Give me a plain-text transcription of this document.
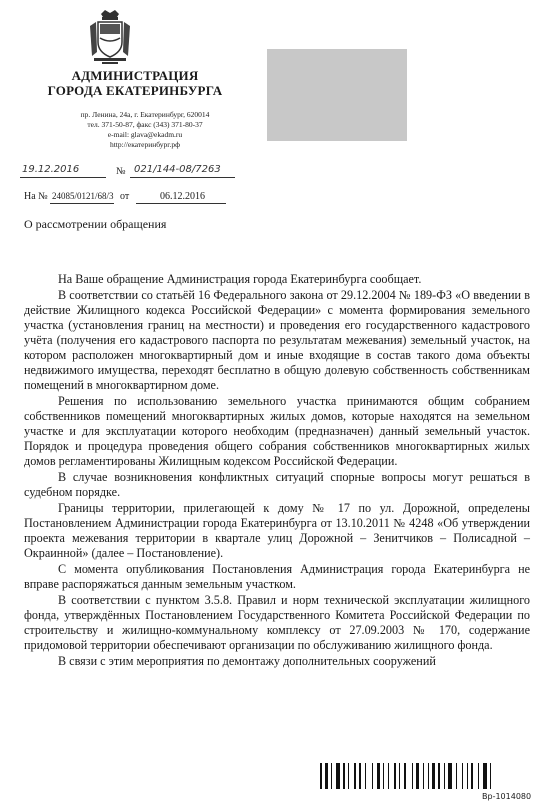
АДМИНИСТРАЦИЯ
ГОРОДА ЕКАТЕРИНБУРГА
пр. Ленина, 24а, г. Екатеринбург, 620014
тел. 371-50-87, факс (343) 371-80-37
e-mail: glavа@ekadm.ru
http://екатеринбург.рф
19.12.2016	№ 021/144-08/7263
На № 24085/0121/68/3 от	06.12.2016
О рассмотрении обращения

На Ваше обращение Администрация города Екатеринбурга сообщает.

В соответствии со статьёй 16 Федерального закона от 29.12.2004 № 189-ФЗ «О введении в действие Жилищного кодекса Российской Федерации» с момента формирования земельного участка (установления границ на местности) и проведения его государственного кадастрового учёта (получения его кадастрового паспорта по результатам межевания) земельный участок, на котором расположен многоквартирный дом и иные входящие в состав такого дома объекты недвижимого имущества, переходят бесплатно в общую долевую собственность собственникам помещений в многоквартирном доме.

Решения по использованию земельного участка принимаются общим собранием собственников помещений многоквартирных жилых домов, которые находятся на земельном участке и для эксплуатации которого необходим (предназначен) данный земельный участок. Порядок и процедура проведения общего собрания собственников многоквартирных жилых домов регламентированы Жилищным кодексом Российской Федерации.

В случае возникновения конфликтных ситуаций спорные вопросы могут решаться в судебном порядке.

Границы территории, прилегающей к дому № 17 по ул. Дорожной, определены Постановлением Администрации города Екатеринбурга от 13.10.2011 № 4248 «Об утверждении проекта межевания территории в квартале улиц Дорожной – Зенитчиков – Полисадной – Окраинной» (далее – Постановление).

С момента опубликования Постановления Администрация города Екатеринбурга не вправе распоряжаться данным земельным участком.

В соответствии с пунктом 3.5.8. Правил и норм технической эксплуатации жилищного фонда, утверждённых Постановлением Государственного Комитета Российской Федерации по строительству и жилищно-коммунальному комплексу от 27.09.2003 № 170, содержание придомовой территории обеспечивают организации по обслуживанию жилищного фонда.

В связи с этим мероприятия по демонтажу дополнительных сооружений

Вр-1014080
